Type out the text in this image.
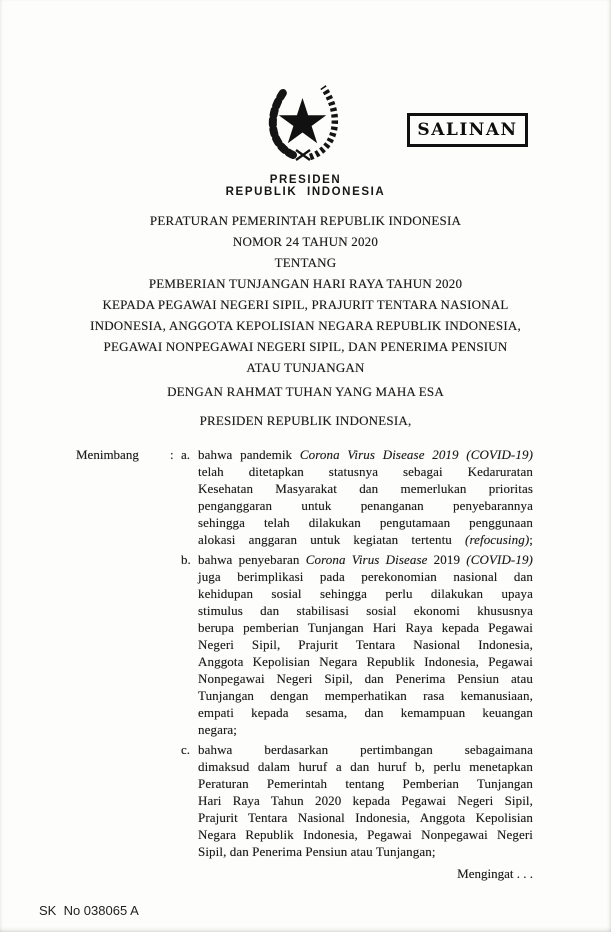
SALINAN
PRESIDEN
REPUBLIK INDONESIA
PERATURAN PEMERINTAH REPUBLIK INDONESIA
NOMOR 24 TAHUN 2020
TENTANG
PEMBERIAN TUNJANGAN HARI RAYA TAHUN 2020
KEPADA PEGAWAI NEGERI SIPIL, PRAJURIT TENTARA NASIONAL
INDONESIA, ANGGOTA KEPOLISIAN NEGARA REPUBLIK INDONESIA,
PEGAWAI NONPEGAWAI NEGERI SIPIL, DAN PENERIMA PENSIUN
ATAU TUNJANGAN
DENGAN RAHMAT TUHAN YANG MAHA ESA
PRESIDEN REPUBLIK INDONESIA,
Menimbang : a. bahwa pandemik Corona Virus Disease 2019 (COVID-19)
telah ditetapkan statusnya sebagai Kedaruratan
Kesehatan Masyarakat dan memerlukan prioritas
penganggaran untuk penanganan penyebarannya
sehingga telah dilakukan pengutamaan penggunaan
alokasi anggaran untuk kegiatan tertentu (refocusing);
b. bahwa penyebaran Corona Virus Disease 2019 (COVID-19)
juga berimplikasi pada perekonomian nasional dan
kehidupan sosial sehingga perlu dilakukan upaya
stimulus dan stabilisasi sosial ekonomi khususnya
berupa pemberian Tunjangan Hari Raya kepada Pegawai
Negeri Sipil, Prajurit Tentara Nasional Indonesia,
Anggota Kepolisian Negara Republik Indonesia, Pegawai
Nonpegawai Negeri Sipil, dan Penerima Pensiun atau
Tunjangan dengan memperhatikan rasa kemanusiaan,
empati kepada sesama, dan kemampuan keuangan
negara;
c. bahwa berdasarkan pertimbangan sebagaimana
dimaksud dalam huruf a dan huruf b, perlu menetapkan
Peraturan Pemerintah tentang Pemberian Tunjangan
Hari Raya Tahun 2020 kepada Pegawai Negeri Sipil,
Prajurit Tentara Nasional Indonesia, Anggota Kepolisian
Negara Republik Indonesia, Pegawai Nonpegawai Negeri
Sipil, dan Penerima Pensiun atau Tunjangan;
Mengingat . . .
SK  No 038065 A
